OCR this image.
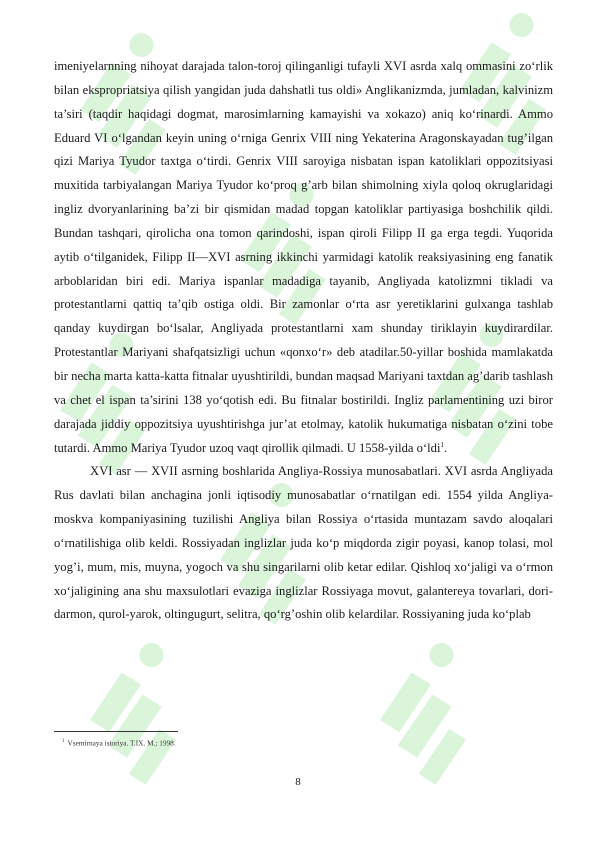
imeniyelarnning nihoyat darajada talon-toroj qilinganligi tufayli XVI asrda xalq ommasini zo‘rlik bilan ekspropriatsiya qilish yangidan juda dahshatli tus oldi» Anglikanizmda, jumladan, kalvinizm ta’siri (taqdir haqidagi dogmat, marosimlarning kamayishi va xokazo) aniq ko‘rinardi. Ammo Eduard VI o‘lgandan keyin uning o‘rniga Genrix VIII ning Yekaterina Aragonskayadan tug’ilgan qizi Mariya Tyudor taxtga o‘tirdi. Genrix VIII saroyiga nisbatan ispan katoliklari oppozitsiyasi muxitida tarbiyalangan Mariya Tyudor ko‘proq g’arb bilan shimolning xiyla qoloq okruglaridagi ingliz dvoryanlarining ba’zi bir qismidan madad topgan katoliklar partiyasiga boshchilik qildi. Bundan tashqari, qirolicha ona tomon qarindoshi, ispan qiroli Filipp II ga erga tegdi. Yuqorida aytib o‘tilganidek, Filipp II—XVI asrning ikkinchi yarmidagi katolik reaksiyasining eng fanatik arboblaridan biri edi. Mariya ispanlar madadiga tayanib, Angliyada katolizmni tikladi va protestantlarni qattiq ta’qib ostiga oldi. Bir zamonlar o‘rta asr yeretiklarini gulxanga tashlab qanday kuydirgan bo‘lsalar, Angliyada protestantlarni xam shunday tiriklayin kuydirardilar. Protestantlar Mariyani shafqatsizligi uchun «qonxo‘r» deb atadilar.50-yillar boshida mamlakatda bir necha marta katta-katta fitnalar uyushtirildi, bundan maqsad Mariyani taxtdan ag’darib tashlash va chet el ispan ta’sirini 138 yo‘qotish edi. Bu fitnalar bostirildi. Ingliz parlamentining uzi biror darajada jiddiy oppozitsiya uyushtirishga jur’at etolmay, katolik hukumatiga nisbatan o‘zini tobe tutardi. Ammo Mariya Tyudor uzoq vaqt qirollik qilmadi. U 1558-yilda o‘ldi$^1$.

XVI asr — XVII asrning boshlarida Angliya-Rossiya munosabatlari. XVI asrda Angliyada Rus davlati bilan anchagina jonli iqtisodiy munosabatlar o‘rnatilgan edi. 1554 yilda Angliya-moskva kompaniyasining tuzilishi Angliya bilan Rossiya o‘rtasida muntazam savdo aloqalari o‘rnatilishiga olib keldi. Rossiyadan inglizlar juda ko‘p miqdorda zigir poyasi, kanop tolasi, mol yog’i, mum, mis, muyna, yogoch va shu singarilarni olib ketar edilar. Qishloq xo‘jaligi va o‘rmon xo‘jaligining ana shu maxsulotlari evaziga inglizlar Rossiyaga movut, galantereya tovarlari, dori-darmon, qurol-yarok, oltingugurt, selitra, qo‘rg’oshin olib kelardilar. Rossiyaning juda ko‘plab

$^1$ Vsemirnaya istoriya. T.IX. M.; 1998.
8
